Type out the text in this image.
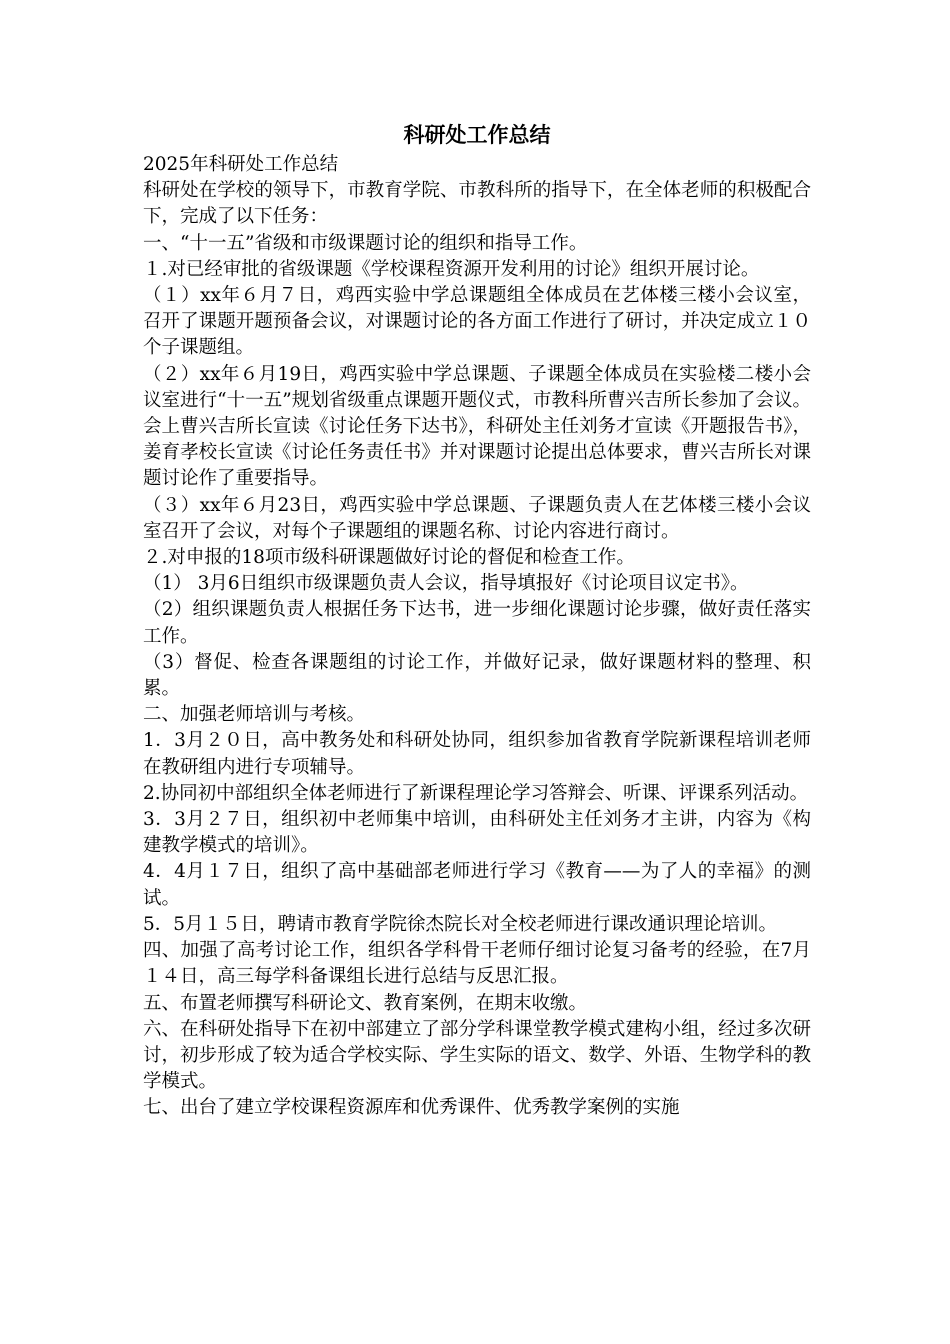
科研处工作总结

2025年科研处工作总结

科研处在学校的领导下，市教育学院、市教科所的指导下，在全体老师的积极配合下，完成了以下任务：

一、“十一五”省级和市级课题讨论的组织和指导工作。

１.对已经审批的省级课题《学校课程资源开发利用的讨论》组织开展讨论。

（１）xx年６月７日，鸡西实验中学总课题组全体成员在艺体楼三楼小会议室，召开了课题开题预备会议，对课题讨论的各方面工作进行了研讨，并决定成立１０个子课题组。

（２）xx年６月19日，鸡西实验中学总课题、子课题全体成员在实验楼二楼小会议室进行“十一五”规划省级重点课题开题仪式，市教科所曹兴吉所长参加了会议。会上曹兴吉所长宣读《讨论任务下达书》，科研处主任刘务才宣读《开题报告书》，姜育孝校长宣读《讨论任务责任书》并对课题讨论提出总体要求，曹兴吉所长对课题讨论作了重要指导。

（３）xx年６月23日，鸡西实验中学总课题、子课题负责人在艺体楼三楼小会议室召开了会议，对每个子课题组的课题名称、讨论内容进行商讨。

２.对申报的18项市级科研课题做好讨论的督促和检查工作。

（1） 3月6日组织市级课题负责人会议，指导填报好《讨论项目议定书》。

（2）组织课题负责人根据任务下达书，进一步细化课题讨论步骤，做好责任落实工作。

（3）督促、检查各课题组的讨论工作，并做好记录，做好课题材料的整理、积累。

二、加强老师培训与考核。

1．3月２０日，高中教务处和科研处协同，组织参加省教育学院新课程培训老师在教研组内进行专项辅导。

2.协同初中部组织全体老师进行了新课程理论学习答辩会、听课、评课系列活动。

3．3月２７日，组织初中老师集中培训，由科研处主任刘务才主讲，内容为《构建教学模式的培训》。

4．4月１７日，组织了高中基础部老师进行学习《教育——为了人的幸福》的测试。

5．5月１５日，聘请市教育学院徐杰院长对全校老师进行课改通识理论培训。

四、加强了高考讨论工作，组织各学科骨干老师仔细讨论复习备考的经验，在7月１４日，高三每学科备课组长进行总结与反思汇报。

五、布置老师撰写科研论文、教育案例，在期末收缴。

六、在科研处指导下在初中部建立了部分学科课堂教学模式建构小组，经过多次研讨，初步形成了较为适合学校实际、学生实际的语文、数学、外语、生物学科的教学模式。

七、出台了建立学校课程资源库和优秀课件、优秀教学案例的实施
